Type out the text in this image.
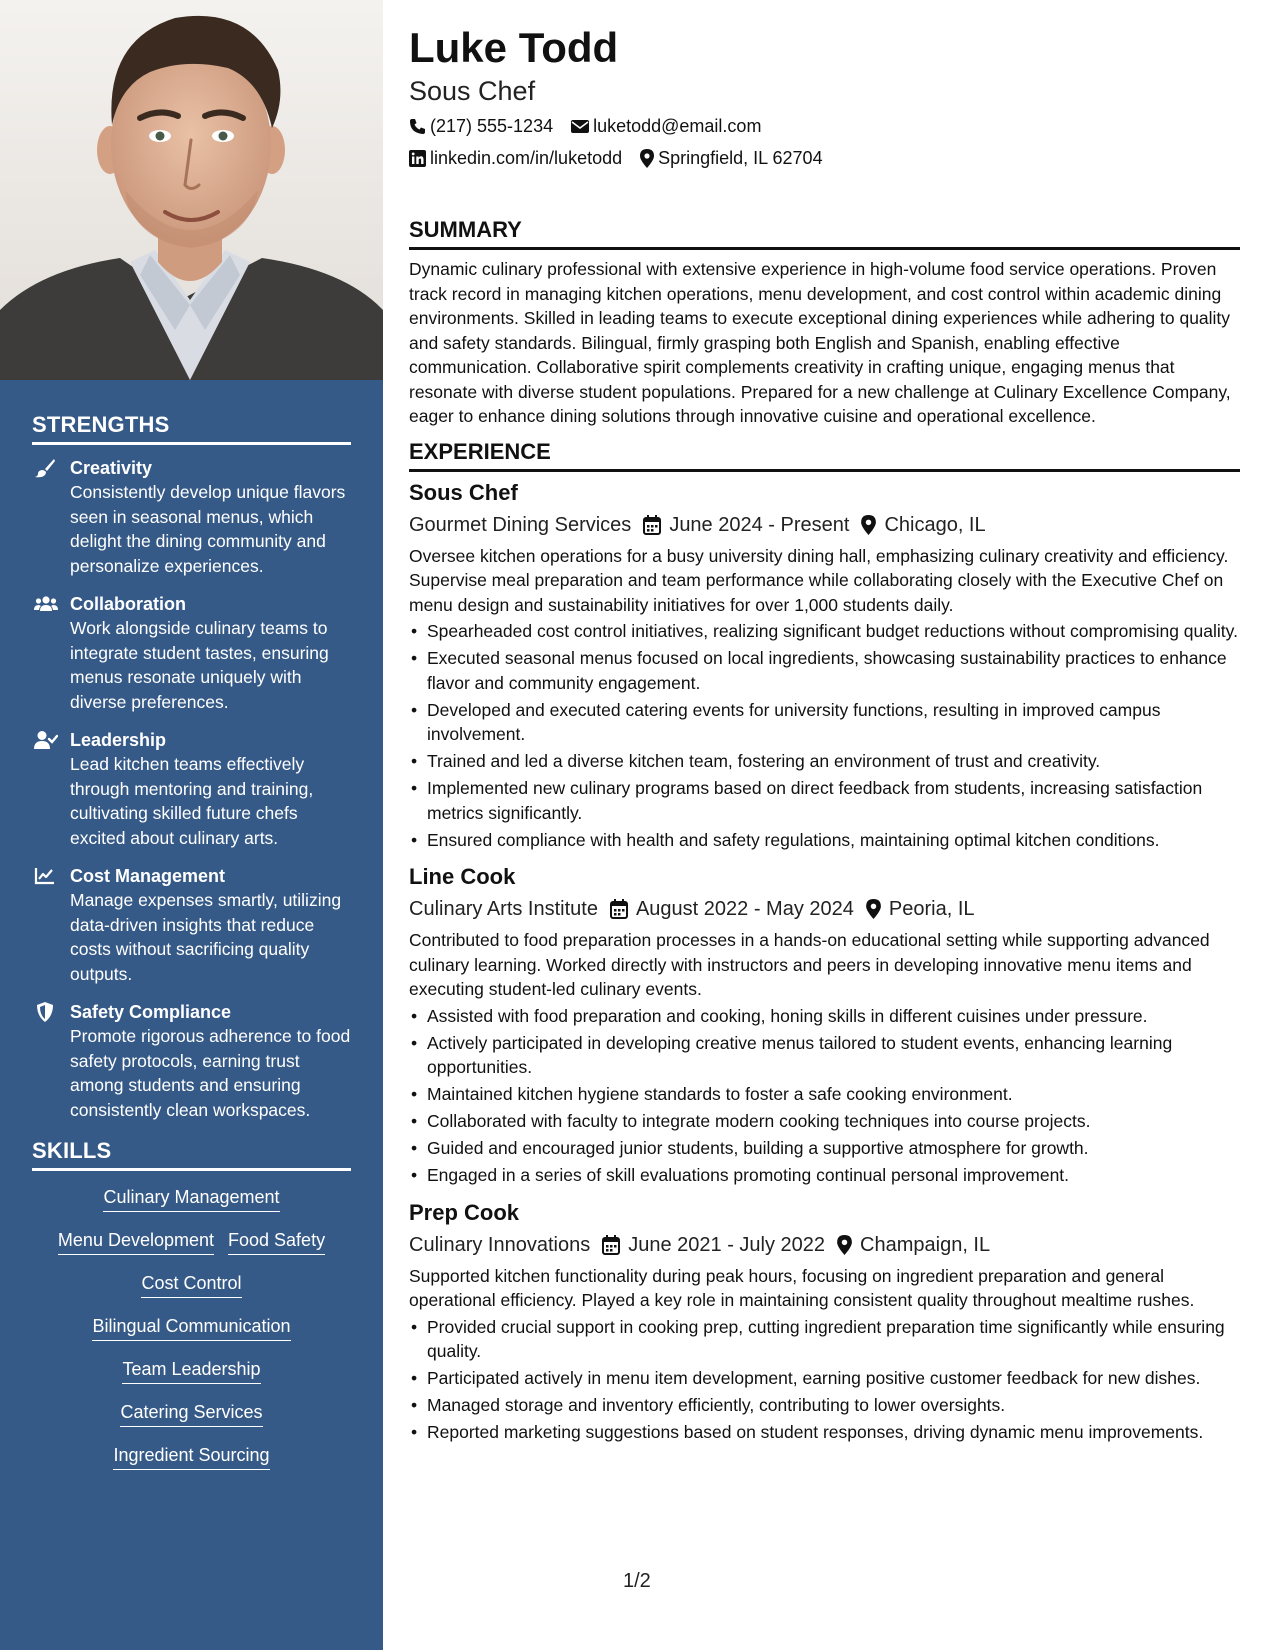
STRENGTHS
Creativity
Consistently develop unique flavors seen in seasonal menus, which delight the dining community and personalize experiences.
Collaboration
Work alongside culinary teams to integrate student tastes, ensuring menus resonate uniquely with diverse preferences.
Leadership
Lead kitchen teams effectively through mentoring and training, cultivating skilled future chefs excited about culinary arts.
Cost Management
Manage expenses smartly, utilizing data-driven insights that reduce costs without sacrificing quality outputs.
Safety Compliance
Promote rigorous adherence to food safety protocols, earning trust among students and ensuring consistently clean workspaces.
SKILLS
Culinary Management
Menu Development Food Safety
Cost Control
Bilingual Communication
Team Leadership
Catering Services
Ingredient Sourcing
Luke Todd
Sous Chef
(217) 555-1234 luketodd@email.com
linkedin.com/in/luketodd Springfield, IL 62704
SUMMARY

Dynamic culinary professional with extensive experience in high-volume food service operations. Proven track record in managing kitchen operations, menu development, and cost control within academic dining environments. Skilled in leading teams to execute exceptional dining experiences while adhering to quality and safety standards. Bilingual, firmly grasping both English and Spanish, enabling effective communication. Collaborative spirit complements creativity in crafting unique, engaging menus that resonate with diverse student populations. Prepared for a new challenge at Culinary Excellence Company, eager to enhance dining solutions through innovative cuisine and operational excellence.

EXPERIENCE
Sous Chef
Gourmet Dining Services June 2024 - Present Chicago, IL

Oversee kitchen operations for a busy university dining hall, emphasizing culinary creativity and efficiency. Supervise meal preparation and team performance while collaborating closely with the Executive Chef on menu design and sustainability initiatives for over 1,000 students daily.

• Spearheaded cost control initiatives, realizing significant budget reductions without compromising quality.
• Executed seasonal menus focused on local ingredients, showcasing sustainability practices to enhance flavor and community engagement.
• Developed and executed catering events for university functions, resulting in improved campus involvement.
• Trained and led a diverse kitchen team, fostering an environment of trust and creativity.
• Implemented new culinary programs based on direct feedback from students, increasing satisfaction metrics significantly.
• Ensured compliance with health and safety regulations, maintaining optimal kitchen conditions.
Line Cook
Culinary Arts Institute August 2022 - May 2024 Peoria, IL

Contributed to food preparation processes in a hands-on educational setting while supporting advanced culinary learning. Worked directly with instructors and peers in developing innovative menu items and executing student-led culinary events.

• Assisted with food preparation and cooking, honing skills in different cuisines under pressure.
• Actively participated in developing creative menus tailored to student events, enhancing learning opportunities.
• Maintained kitchen hygiene standards to foster a safe cooking environment.
• Collaborated with faculty to integrate modern cooking techniques into course projects.
• Guided and encouraged junior students, building a supportive atmosphere for growth.
• Engaged in a series of skill evaluations promoting continual personal improvement.
Prep Cook
Culinary Innovations June 2021 - July 2022 Champaign, IL

Supported kitchen functionality during peak hours, focusing on ingredient preparation and general operational efficiency. Played a key role in maintaining consistent quality throughout mealtime rushes.

• Provided crucial support in cooking prep, cutting ingredient preparation time significantly while ensuring quality.
• Participated actively in menu item development, earning positive customer feedback for new dishes.
• Managed storage and inventory efficiently, contributing to lower oversights.
• Reported marketing suggestions based on student responses, driving dynamic menu improvements.
1/2
